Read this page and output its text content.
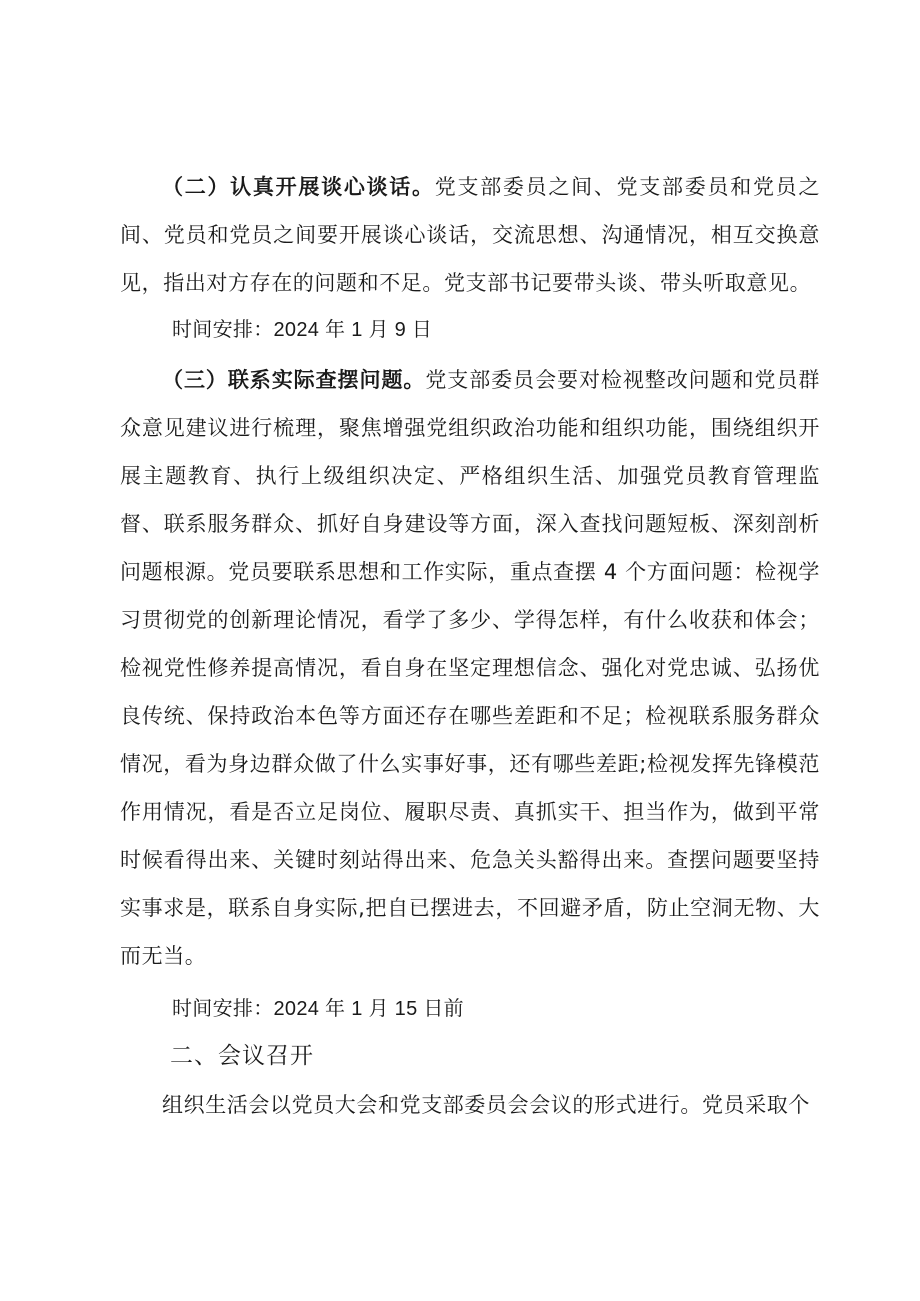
（二）认真开展谈心谈话。党支部委员之间、党支部委员和党员之间、党员和党员之间要开展谈心谈话，交流思想、沟通情况，相互交换意见，指出对方存在的问题和不足。党支部书记要带头谈、带头听取意见。

时间安排：2024 年 1 月 9 日

（三）联系实际查摆问题。党支部委员会要对检视整改问题和党员群众意见建议进行梳理，聚焦增强党组织政治功能和组织功能，围绕组织开展主题教育、执行上级组织决定、严格组织生活、加强党员教育管理监督、联系服务群众、抓好自身建设等方面，深入查找问题短板、深刻剖析问题根源。党员要联系思想和工作实际，重点查摆 4 个方面问题：检视学习贯彻党的创新理论情况，看学了多少、学得怎样，有什么收获和体会；检视党性修养提高情况，看自身在坚定理想信念、强化对党忠诚、弘扬优良传统、保持政治本色等方面还存在哪些差距和不足；检视联系服务群众情况，看为身边群众做了什么实事好事，还有哪些差距;检视发挥先锋模范作用情况，看是否立足岗位、履职尽责、真抓实干、担当作为，做到平常时候看得出来、关键时刻站得出来、危急关头豁得出来。查摆问题要坚持实事求是，联系自身实际,把自已摆进去，不回避矛盾，防止空洞无物、大而无当。

时间安排：2024 年 1 月 15 日前

二、会议召开

组织生活会以党员大会和党支部委员会会议的形式进行。党员采取个
